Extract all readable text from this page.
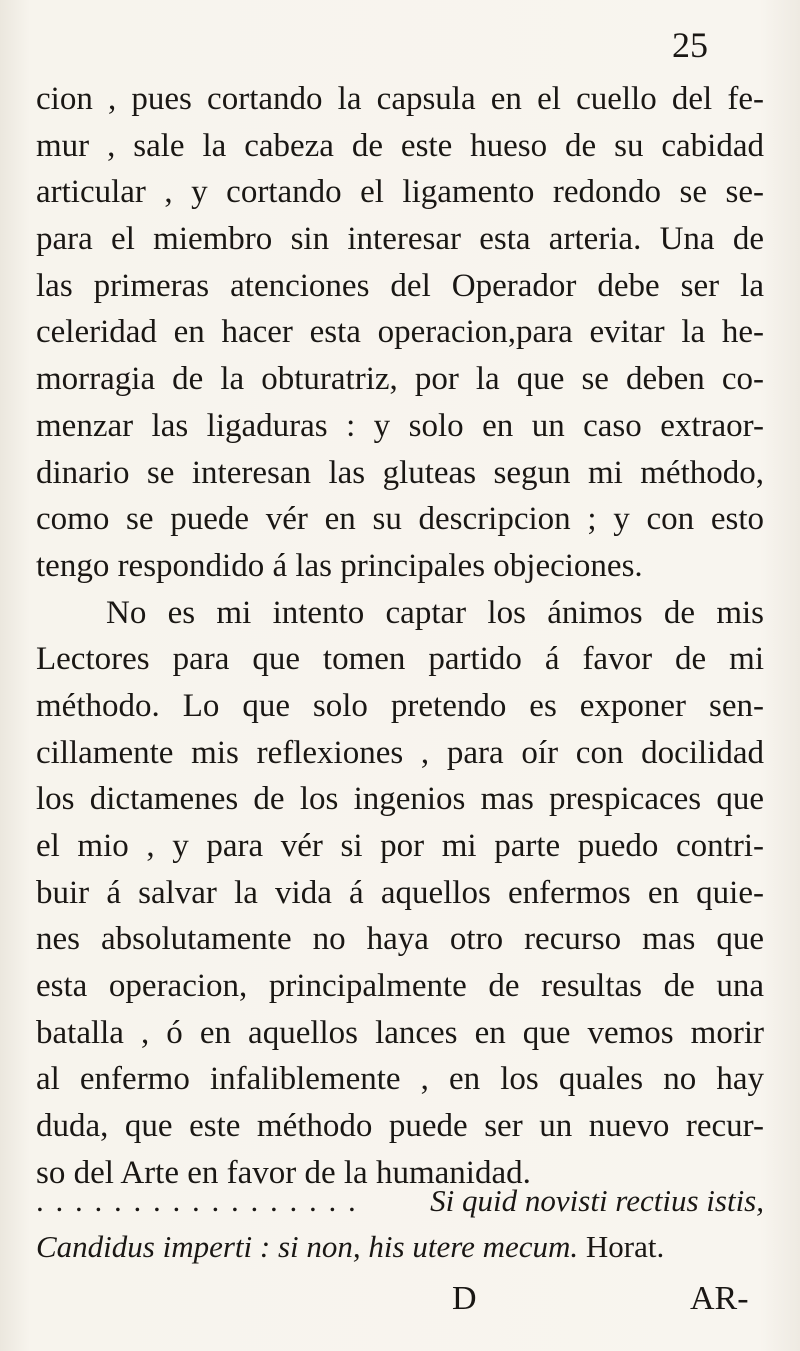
25
cion , pues cortando la capsula en el cuello del fe-
mur , sale la cabeza de este hueso de su cabidad
articular , y cortando el ligamento redondo se se-
para el miembro sin interesar esta arteria. Una de
las primeras atenciones del Operador debe ser la
celeridad en hacer esta operacion,para evitar la he-
morragia de la obturatriz, por la que se deben co-
menzar las ligaduras : y solo en un caso extraor-
dinario se interesan las gluteas segun mi méthodo,
como se puede vér en su descripcion ; y con esto
tengo respondido á las principales objeciones.
No es mi intento captar los ánimos de mis
Lectores para que tomen partido á favor de mi
méthodo. Lo que solo pretendo es exponer sen-
cillamente mis reflexiones , para oír con docilidad
los dictamenes de los ingenios mas prespicaces que
el mio , y para vér si por mi parte puedo contri-
buir á salvar la vida á aquellos enfermos en quie-
nes absolutamente no haya otro recurso mas que
esta operacion, principalmente de resultas de una
batalla , ó en aquellos lances en que vemos morir
al enfermo infaliblemente , en los quales no hay
duda, que este méthodo puede ser un nuevo recur-
so del Arte en favor de la humanidad.
. . . . . . . . . . . . . . . . . Si quid novisti rectius istis,
Candidus imperti : si non, his utere mecum. Horat.
D	AR-
